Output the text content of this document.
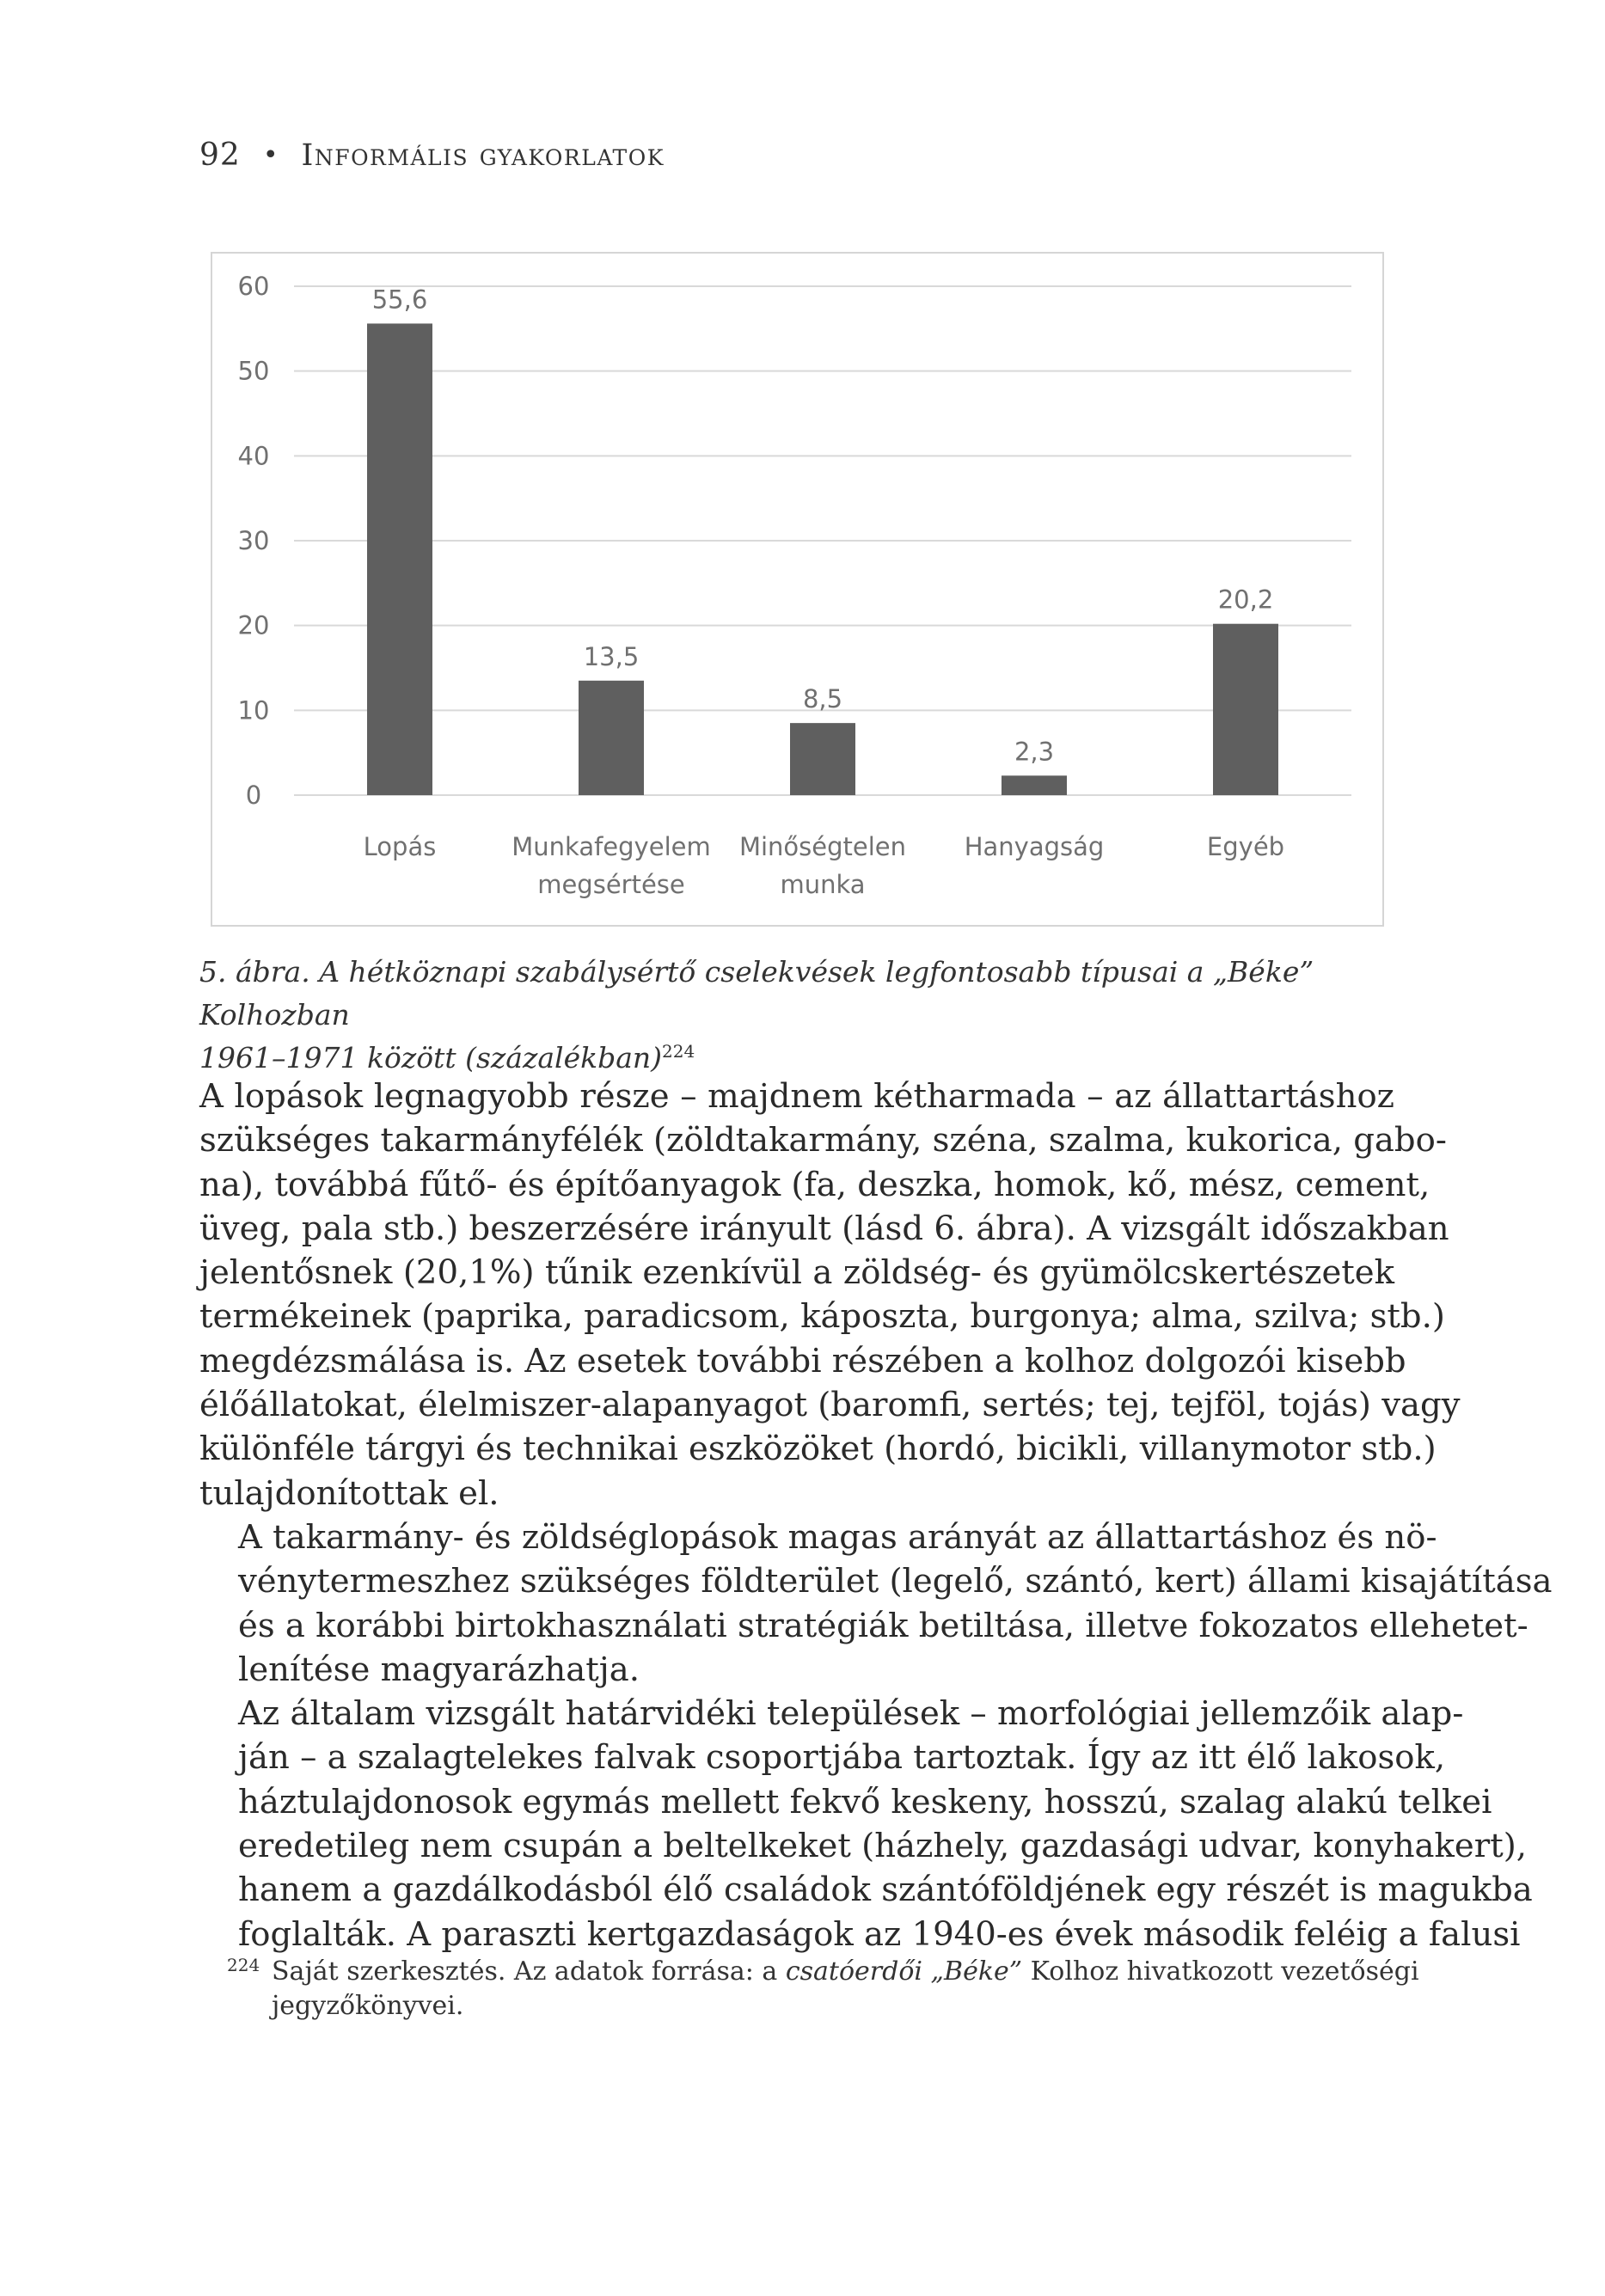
92 • Informális gyakorlatok
0
10
20
30
40
50
60	55,6
Lopás
13,5
Munkafegyelem
megsértése
8,5
Minőségtelen
munka
2,3
Hanyagság
20,2
Egyéb
5. ábra. A hétköznapi szabálysértő cselekvések legfontosabb típusai a „Béke” Kolhozban
1961–1971 között (százalékban)$^{224}$
A lopások legnagyobb része – majdnem kétharmada – az állattartáshoz
szükséges takarmányfélék (zöldtakarmány, széna, szalma, kukorica, gabo-
na), továbbá fűtő- és építőanyagok (fa, deszka, homok, kő, mész, cement,
üveg, pala stb.) beszerzésére irányult (lásd 6. ábra). A vizsgált időszakban
jelentősnek (20,1%) tűnik ezenkívül a zöldség- és gyümölcskertészetek
termékeinek (paprika, paradicsom, káposzta, burgonya; alma, szilva; stb.)
megdézsmálása is. Az esetek további részében a kolhoz dolgozói kisebb
élőállatokat, élelmiszer-alapanyagot (baromfi, sertés; tej, tejföl, tojás) vagy
különféle tárgyi és technikai eszközöket (hordó, bicikli, villanymotor stb.)
tulajdonítottak el.
A takarmány- és zöldséglopások magas arányát az állattartáshoz és nö-
vénytermeszhez szükséges földterület (legelő, szántó, kert) állami kisajátítása
és a korábbi birtokhasználati stratégiák betiltása, illetve fokozatos ellehetet-
lenítése magyarázhatja.
Az általam vizsgált határvidéki települések – morfológiai jellemzőik alap-
ján – a szalagtelekes falvak csoportjába tartoztak. Így az itt élő lakosok,
háztulajdonosok egymás mellett fekvő keskeny, hosszú, szalag alakú telkei
eredetileg nem csupán a beltelkeket (házhely, gazdasági udvar, konyhakert),
hanem a gazdálkodásból élő családok szántóföldjének egy részét is magukba
foglalták. A paraszti kertgazdaságok az 1940-es évek második feléig a falusi
224 Saját szerkesztés. Az adatok forrása: a csatóerdői „Béke” Kolhoz hivatkozott vezetőségi
jegyzőkönyvei.
